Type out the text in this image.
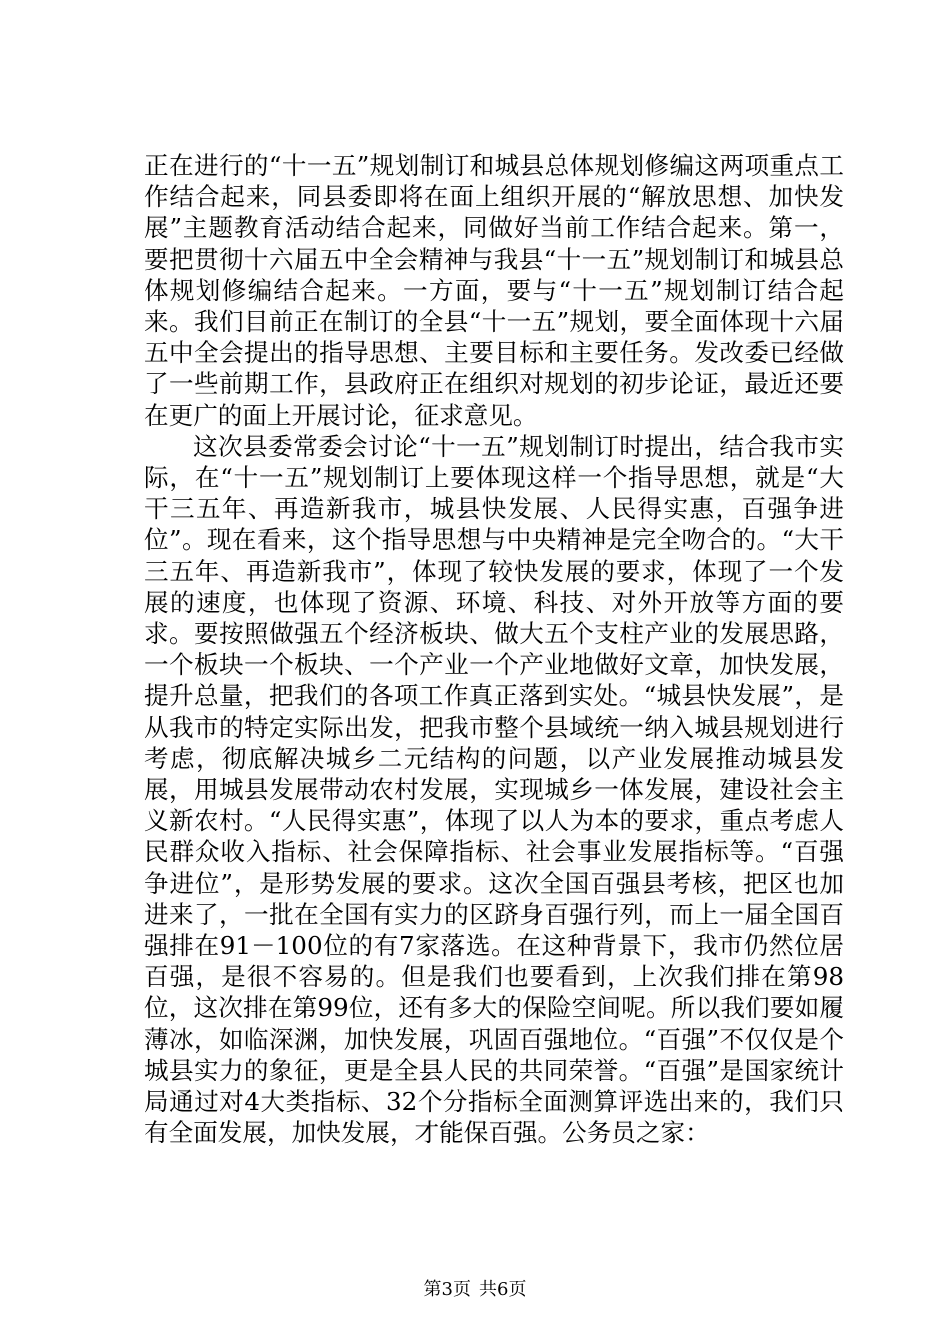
正在进行的“十一五”规划制订和城县总体规划修编这两项重点工作结合起来，同县委即将在面上组织开展的“解放思想、加快发展”主题教育活动结合起来，同做好当前工作结合起来。第一，要把贯彻十六届五中全会精神与我县“十一五”规划制订和城县总体规划修编结合起来。一方面，要与“十一五”规划制订结合起来。我们目前正在制订的全县“十一五”规划，要全面体现十六届五中全会提出的指导思想、主要目标和主要任务。发改委已经做了一些前期工作，县政府正在组织对规划的初步论证，最近还要在更广的面上开展讨论，征求意见。

这次县委常委会讨论“十一五”规划制订时提出，结合我市实际，在“十一五”规划制订上要体现这样一个指导思想，就是“大干三五年、再造新我市，城县快发展、人民得实惠，百强争进位”。现在看来，这个指导思想与中央精神是完全吻合的。“大干三五年、再造新我市”，体现了较快发展的要求，体现了一个发展的速度，也体现了资源、环境、科技、对外开放等方面的要求。要按照做强五个经济板块、做大五个支柱产业的发展思路，一个板块一个板块、一个产业一个产业地做好文章，加快发展，提升总量，把我们的各项工作真正落到实处。“城县快发展”，是从我市的特定实际出发，把我市整个县域统一纳入城县规划进行考虑，彻底解决城乡二元结构的问题，以产业发展推动城县发展，用城县发展带动农村发展，实现城乡一体发展，建设社会主义新农村。“人民得实惠”，体现了以人为本的要求，重点考虑人民群众收入指标、社会保障指标、社会事业发展指标等。“百强争进位”，是形势发展的要求。这次全国百强县考核，把区也加进来了，一批在全国有实力的区跻身百强行列，而上一届全国百强排在91－100位的有7家落选。在这种背景下，我市仍然位居百强，是很不容易的。但是我们也要看到，上次我们排在第98位，这次排在第99位，还有多大的保险空间呢。所以我们要如履薄冰，如临深渊，加快发展，巩固百强地位。“百强”不仅仅是个城县实力的象征，更是全县人民的共同荣誉。“百强”是国家统计局通过对4大类指标、32个分指标全面测算评选出来的，我们只有全面发展，加快发展，才能保百强。公务员之家：

第3页 共6页
